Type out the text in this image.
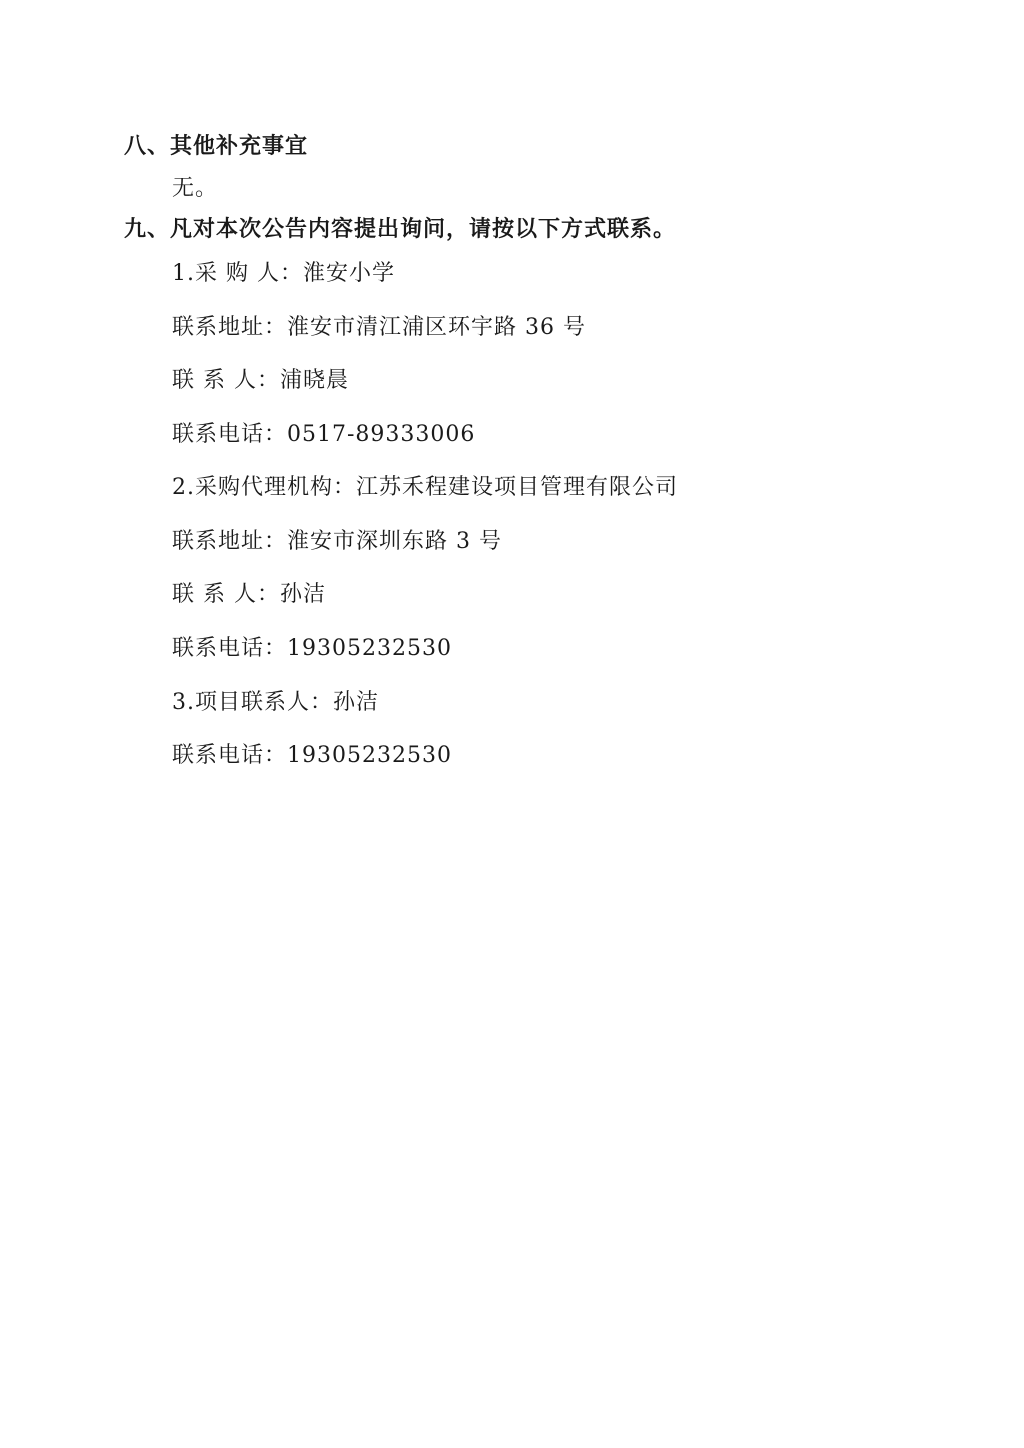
八、其他补充事宜
无。
九、凡对本次公告内容提出询问，请按以下方式联系。
1.采 购 人：淮安小学
联系地址：淮安市清江浦区环宇路 36 号
联 系 人：浦晓晨
联系电话：0517-89333006
2.采购代理机构：江苏禾程建设项目管理有限公司
联系地址：淮安市深圳东路 3 号
联 系 人：孙洁
联系电话：19305232530
3.项目联系人：孙洁
联系电话：19305232530
